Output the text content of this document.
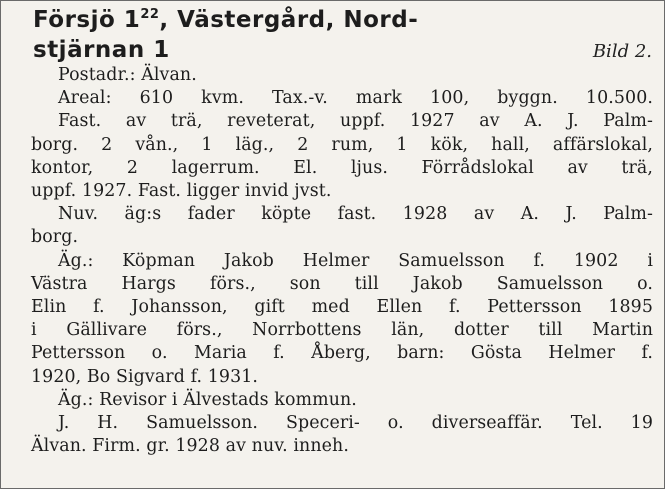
Försjö $1^{22}$, Västergård, Nord-
stjärnan 1	Bild 2.
Postadr.: Älvan.
Areal: 610 kvm. Tax.-v. mark 100, byggn. 10.500.
Fast. av trä, reveterat, uppf. 1927 av A. J. Palm-
borg. 2 vån., 1 läg., 2 rum, 1 kök, hall, affärslokal,
kontor, 2 lagerrum. El. ljus. Förrådslokal av trä,
uppf. 1927. Fast. ligger invid jvst.
Nuv. äg:s fader köpte fast. 1928 av A. J. Palm-
borg.
Äg.: Köpman Jakob Helmer Samuelsson f. 1902 i
Västra Hargs förs., son till Jakob Samuelsson o.
Elin f. Johansson, gift med Ellen f. Pettersson 1895
i Gällivare förs., Norrbottens län, dotter till Martin
Pettersson o. Maria f. Åberg, barn: Gösta Helmer f.
1920, Bo Sigvard f. 1931.
Äg.: Revisor i Älvestads kommun.
J. H. Samuelsson. Speceri- o. diverseaffär. Tel. 19
Älvan. Firm. gr. 1928 av nuv. inneh.
